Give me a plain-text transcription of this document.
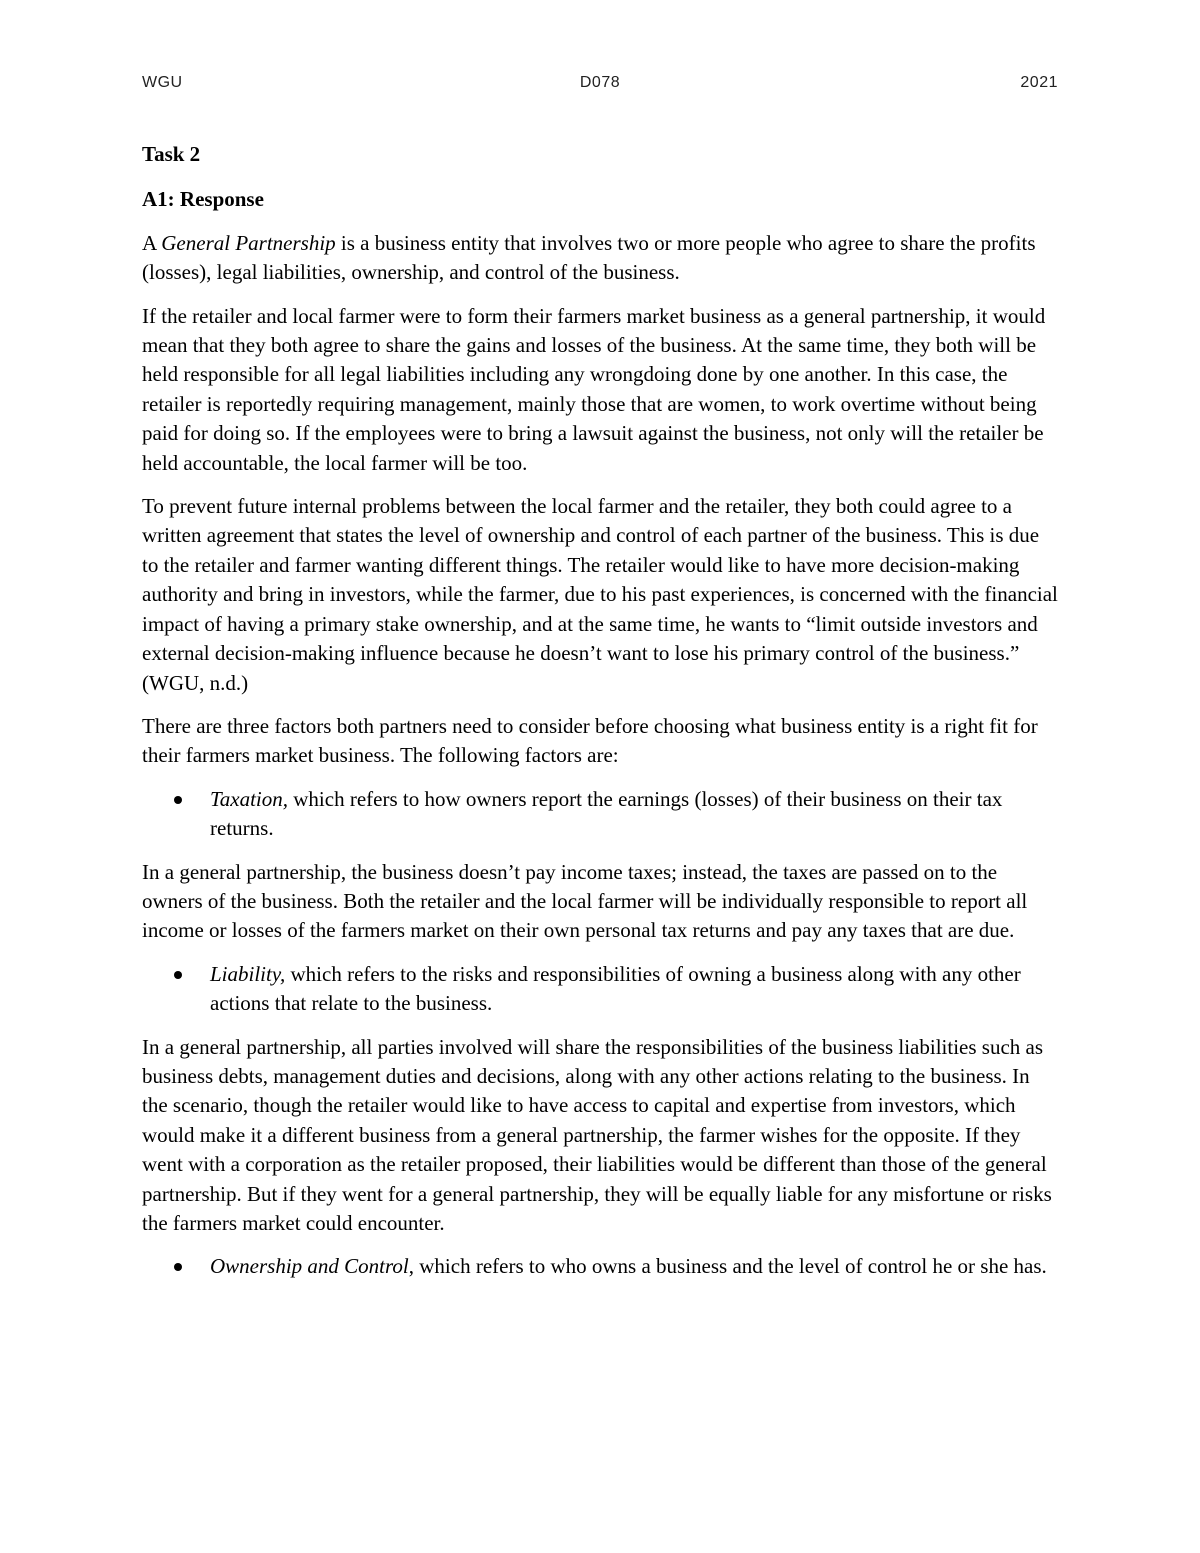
WGU	D078	2021
Task 2
A1: Response

A General Partnership is a business entity that involves two or more people who agree to share the profits (losses), legal liabilities, ownership, and control of the business.

If the retailer and local farmer were to form their farmers market business as a general partnership, it would mean that they both agree to share the gains and losses of the business. At the same time, they both will be held responsible for all legal liabilities including any wrongdoing done by one another. In this case, the retailer is reportedly requiring management, mainly those that are women, to work overtime without being paid for doing so. If the employees were to bring a lawsuit against the business, not only will the retailer be held accountable, the local farmer will be too.

To prevent future internal problems between the local farmer and the retailer, they both could agree to a written agreement that states the level of ownership and control of each partner of the business. This is due to the retailer and farmer wanting different things. The retailer would like to have more decision-making authority and bring in investors, while the farmer, due to his past experiences, is concerned with the financial impact of having a primary stake ownership, and at the same time, he wants to “limit outside investors and external decision-making influence because he doesn’t want to lose his primary control of the business.” (WGU, n.d.)

There are three factors both partners need to consider before choosing what business entity is a right fit for their farmers market business. The following factors are:

Taxation, which refers to how owners report the earnings (losses) of their business on their tax returns.

In a general partnership, the business doesn’t pay income taxes; instead, the taxes are passed on to the owners of the business. Both the retailer and the local farmer will be individually responsible to report all income or losses of the farmers market on their own personal tax returns and pay any taxes that are due.

Liability, which refers to the risks and responsibilities of owning a business along with any other actions that relate to the business.

In a general partnership, all parties involved will share the responsibilities of the business liabilities such as business debts, management duties and decisions, along with any other actions relating to the business. In the scenario, though the retailer would like to have access to capital and expertise from investors, which would make it a different business from a general partnership, the farmer wishes for the opposite. If they went with a corporation as the retailer proposed, their liabilities would be different than those of the general partnership. But if they went for a general partnership, they will be equally liable for any misfortune or risks the farmers market could encounter.

Ownership and Control, which refers to who owns a business and the level of control he or she has.
